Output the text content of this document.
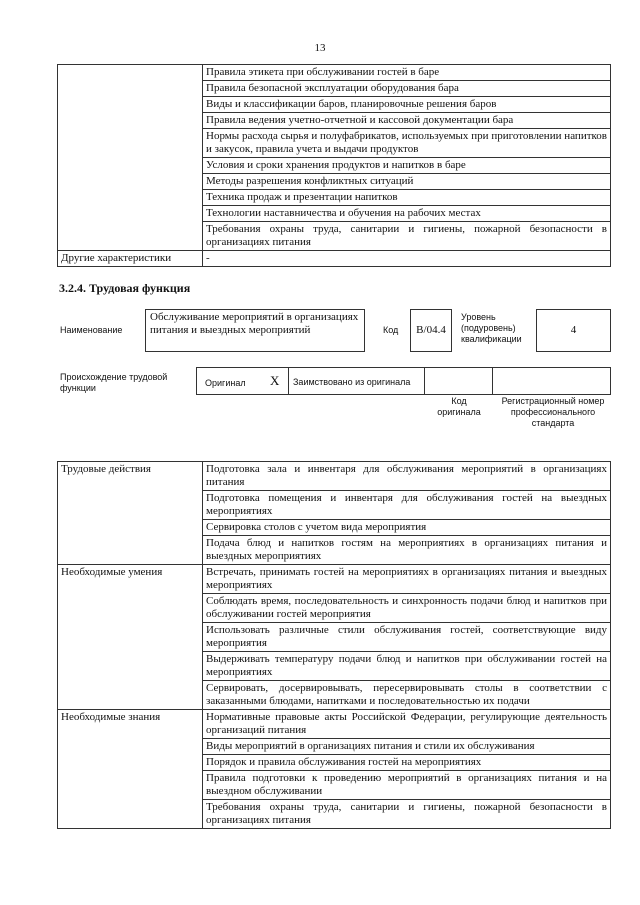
13
	Правила этикета при обслуживании гостей в баре
	Правила безопасной эксплуатации оборудования бара
	Виды и классификации баров, планировочные решения баров
	Правила ведения учетно-отчетной и кассовой документации бара
	Нормы расхода сырья и полуфабрикатов, используемых при приготовлении напитков и закусок, правила учета и выдачи продуктов
	Условия и сроки хранения продуктов и напитков в баре
	Методы разрешения конфликтных ситуаций
	Техника продаж и презентации напитков
	Технологии наставничества и обучения на рабочих местах
	Требования охраны труда, санитарии и гигиены, пожарной безопасности в организациях питания
Другие характеристики	-
3.2.4. Трудовая функция
Наименование
Обслуживание мероприятий в организациях питания и выездных мероприятий	Код	B/04.4
Уровень (подуровень) квалификации
4
Происхождение трудовой функции	Оригинал X Заимствовано из оригинала
Код оригинала
Регистрационный номер профессионального стандарта
Трудовые действия	Подготовка зала и инвентаря для обслуживания мероприятий в организациях питания
	Подготовка помещения и инвентаря для обслуживания гостей на выездных мероприятиях
	Сервировка столов с учетом вида мероприятия
	Подача блюд и напитков гостям на мероприятиях в организациях питания и выездных мероприятиях
Необходимые умения	Встречать, принимать гостей на мероприятиях в организациях питания и выездных мероприятиях
	Соблюдать время, последовательность и синхронность подачи блюд и напитков при обслуживании гостей мероприятия
	Использовать различные стили обслуживания гостей, соответствующие виду мероприятия
	Выдерживать температуру подачи блюд и напитков при обслуживании гостей на мероприятиях
	Сервировать, досервировывать, пересервировывать столы в соответствии с заказанными блюдами, напитками и последовательностью их подачи
Необходимые знания	Нормативные правовые акты Российской Федерации, регулирующие деятельность организаций питания
	Виды мероприятий в организациях питания и стили их обслуживания
	Порядок и правила обслуживания гостей на мероприятиях
	Правила подготовки к проведению мероприятий в организациях питания и на выездном обслуживании
	Требования охраны труда, санитарии и гигиены, пожарной безопасности в организациях питания
